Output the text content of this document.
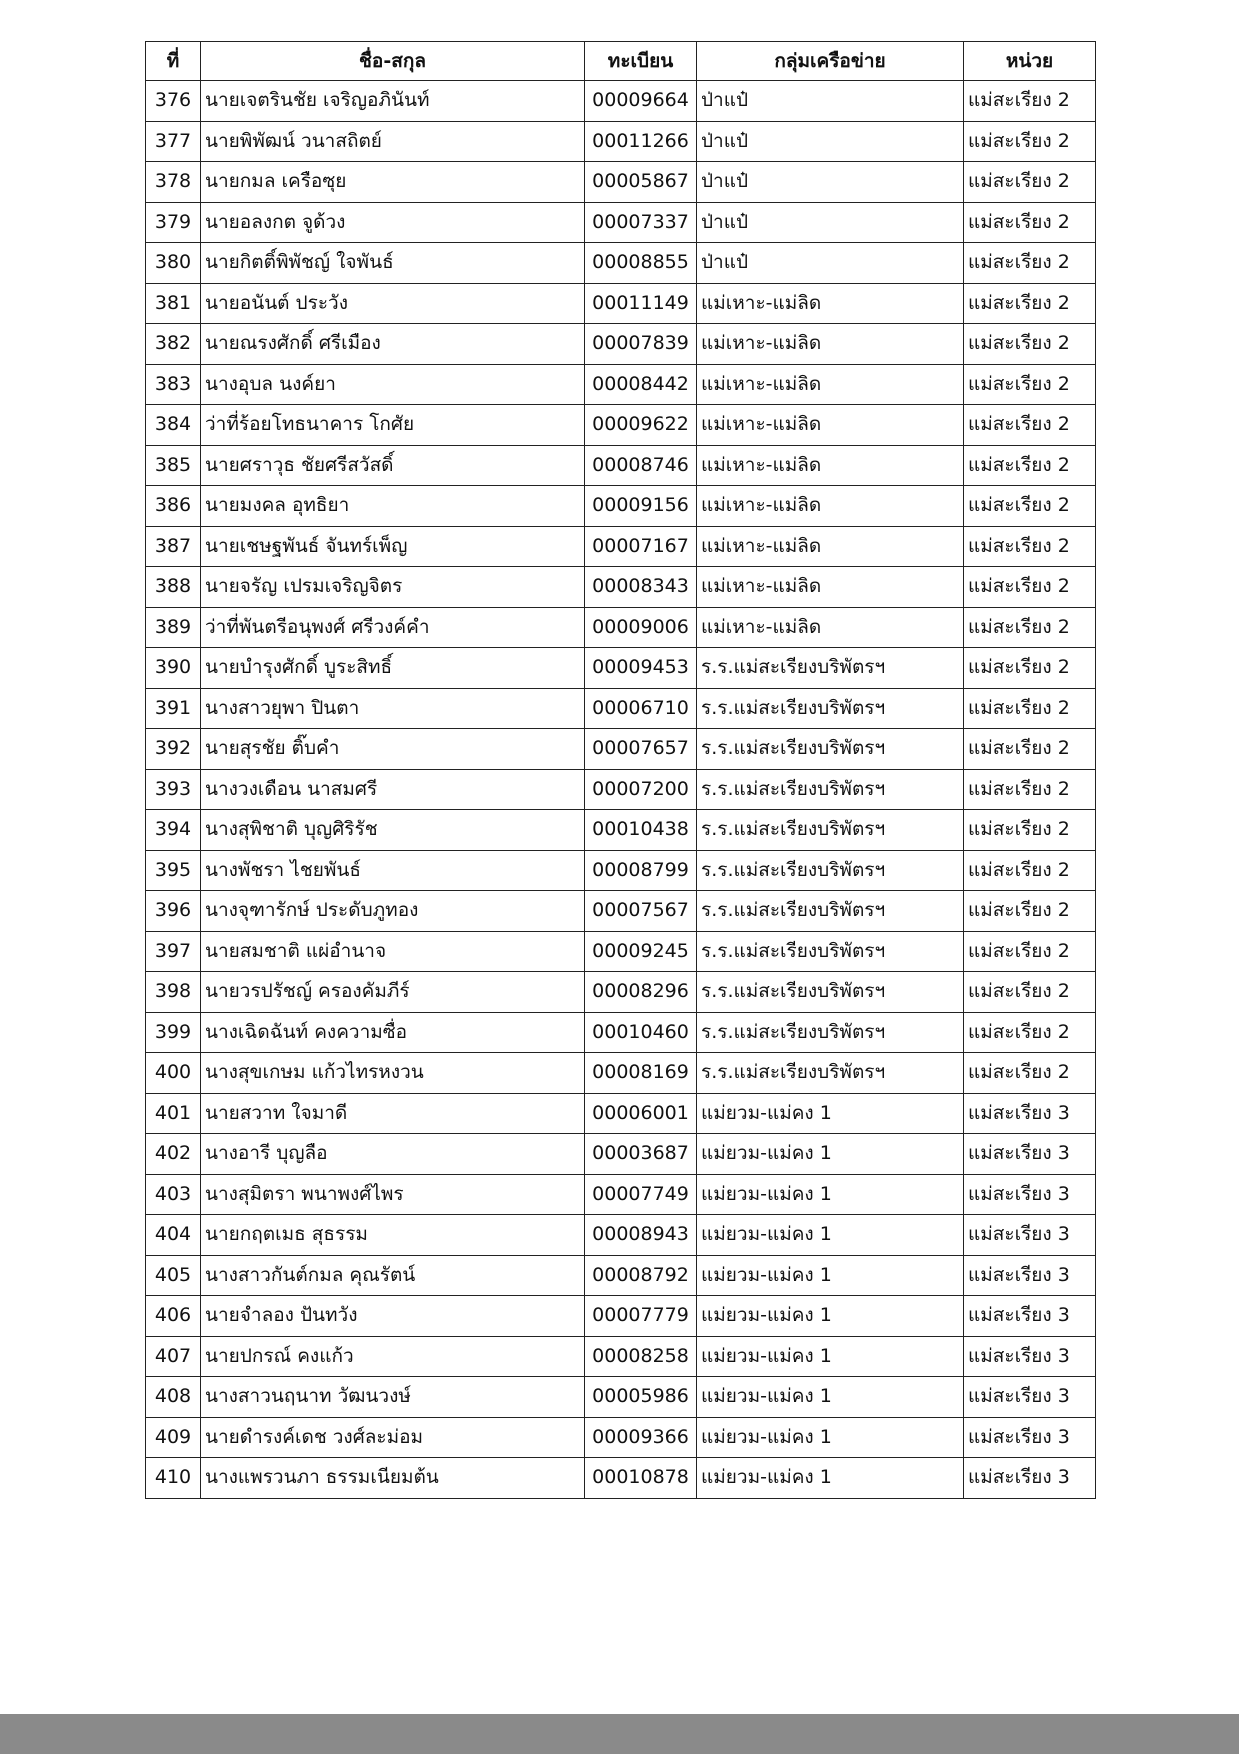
ที่	ชื่อ-สกุล	ทะเบียน	กลุ่มเครือข่าย	หน่วย
376	นายเจตรินชัย เจริญอภินันท์	00009664	ป่าแป๋	แม่สะเรียง 2
377	นายพิพัฒน์ วนาสถิตย์	00011266	ป่าแป๋	แม่สะเรียง 2
378	นายกมล เครือซุย	00005867	ป่าแป๋	แม่สะเรียง 2
379	นายอลงกต จูด้วง	00007337	ป่าแป๋	แม่สะเรียง 2
380	นายกิตติ์พิพัชญ์ ใจพันธ์	00008855	ป่าแป๋	แม่สะเรียง 2
381	นายอนันต์ ประวัง	00011149	แม่เหาะ-แม่ลิด	แม่สะเรียง 2
382	นายณรงศักดิ์ ศรีเมือง	00007839	แม่เหาะ-แม่ลิด	แม่สะเรียง 2
383	นางอุบล นงค์ยา	00008442	แม่เหาะ-แม่ลิด	แม่สะเรียง 2
384	ว่าที่ร้อยโทธนาคาร โกศัย	00009622	แม่เหาะ-แม่ลิด	แม่สะเรียง 2
385	นายศราวุธ ชัยศรีสวัสดิ์	00008746	แม่เหาะ-แม่ลิด	แม่สะเรียง 2
386	นายมงคล อุทธิยา	00009156	แม่เหาะ-แม่ลิด	แม่สะเรียง 2
387	นายเชษฐพันธ์ จันทร์เพ็ญ	00007167	แม่เหาะ-แม่ลิด	แม่สะเรียง 2
388	นายจรัญ เปรมเจริญจิตร	00008343	แม่เหาะ-แม่ลิด	แม่สะเรียง 2
389	ว่าที่พันตรีอนุพงศ์ ศรีวงค์คำ	00009006	แม่เหาะ-แม่ลิด	แม่สะเรียง 2
390	นายบำรุงศักดิ์ บูระสิทธิ์	00009453	ร.ร.แม่สะเรียงบริพัตรฯ	แม่สะเรียง 2
391	นางสาวยุพา ปินตา	00006710	ร.ร.แม่สะเรียงบริพัตรฯ	แม่สะเรียง 2
392	นายสุรชัย ติ๊บคำ	00007657	ร.ร.แม่สะเรียงบริพัตรฯ	แม่สะเรียง 2
393	นางวงเดือน นาสมศรี	00007200	ร.ร.แม่สะเรียงบริพัตรฯ	แม่สะเรียง 2
394	นางสุพิชาติ บุญศิริรัช	00010438	ร.ร.แม่สะเรียงบริพัตรฯ	แม่สะเรียง 2
395	นางพัชรา ไชยพันธ์	00008799	ร.ร.แม่สะเรียงบริพัตรฯ	แม่สะเรียง 2
396	นางจุฑารักษ์ ประดับภูทอง	00007567	ร.ร.แม่สะเรียงบริพัตรฯ	แม่สะเรียง 2
397	นายสมชาติ แผ่อำนาจ	00009245	ร.ร.แม่สะเรียงบริพัตรฯ	แม่สะเรียง 2
398	นายวรปรัชญ์ ครองคัมภีร์	00008296	ร.ร.แม่สะเรียงบริพัตรฯ	แม่สะเรียง 2
399	นางเฉิดฉันท์ คงความซื่อ	00010460	ร.ร.แม่สะเรียงบริพัตรฯ	แม่สะเรียง 2
400	นางสุขเกษม แก้วไทรหงวน	00008169	ร.ร.แม่สะเรียงบริพัตรฯ	แม่สะเรียง 2
401	นายสวาท ใจมาดี	00006001	แม่ยวม-แม่คง 1	แม่สะเรียง 3
402	นางอารี บุญลือ	00003687	แม่ยวม-แม่คง 1	แม่สะเรียง 3
403	นางสุมิตรา พนาพงศ์ไพร	00007749	แม่ยวม-แม่คง 1	แม่สะเรียง 3
404	นายกฤตเมธ สุธรรม	00008943	แม่ยวม-แม่คง 1	แม่สะเรียง 3
405	นางสาวกันต์กมล คุณรัตน์	00008792	แม่ยวม-แม่คง 1	แม่สะเรียง 3
406	นายจำลอง ปันทวัง	00007779	แม่ยวม-แม่คง 1	แม่สะเรียง 3
407	นายปกรณ์ คงแก้ว	00008258	แม่ยวม-แม่คง 1	แม่สะเรียง 3
408	นางสาวนฤนาท วัฒนวงษ์	00005986	แม่ยวม-แม่คง 1	แม่สะเรียง 3
409	นายดำรงค์เดช วงศ์ละม่อม	00009366	แม่ยวม-แม่คง 1	แม่สะเรียง 3
410	นางแพรวนภา ธรรมเนียมต้น	00010878	แม่ยวม-แม่คง 1	แม่สะเรียง 3
